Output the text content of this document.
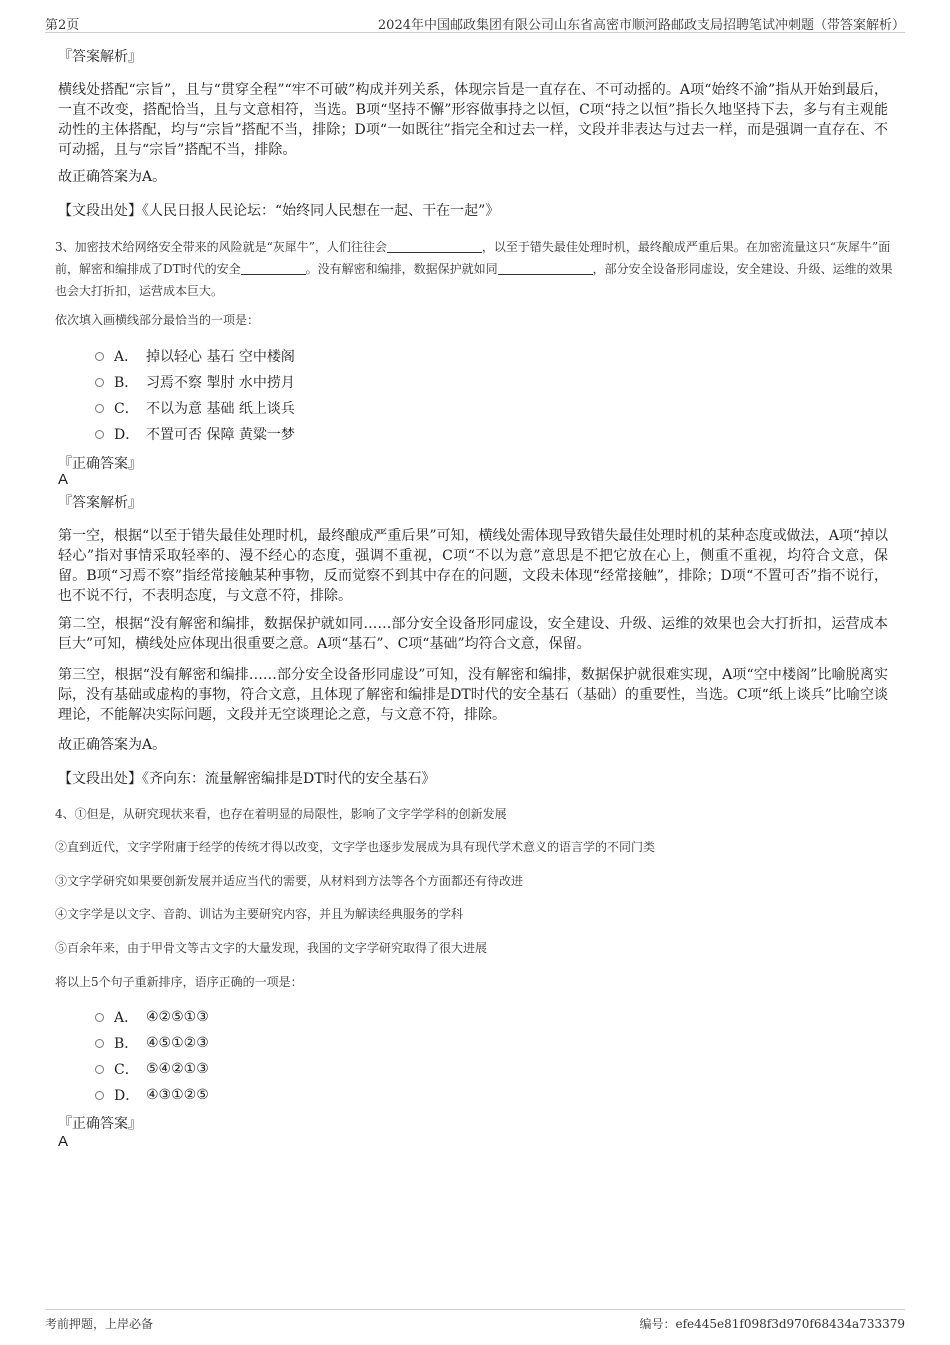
第2页	2024年中国邮政集团有限公司山东省高密市顺河路邮政支局招聘笔试冲刺题（带答案解析）
『答案解析』
横线处搭配“宗旨”，且与“贯穿全程”“牢不可破”构成并列关系，体现宗旨是一直存在、不可动摇的。A项“始终不渝”指从开始到最后，一直不改变，搭配恰当，且与文意相符，当选。B项“坚持不懈”形容做事持之以恒，C项“持之以恒”指长久地坚持下去，多与有主观能动性的主体搭配，均与“宗旨”搭配不当，排除；D项“一如既往”指完全和过去一样，文段并非表达与过去一样，而是强调一直存在、不可动摇，且与“宗旨”搭配不当，排除。
故正确答案为A。
【文段出处】《人民日报人民论坛：“始终同人民想在一起、干在一起”》
3、加密技术给网络安全带来的风险就是“灰犀牛”，人们往往会	，以至于错失最佳处理时机，最终酿成严重后果。在加密流量这只“灰犀牛”面前，解密和编排成了DT时代的安全	。没有解密和编排，数据保护就如同	，部分安全设备形同虚设，安全建设、升级、运维的效果也会大打折扣，运营成本巨大。
依次填入画横线部分最恰当的一项是：
A． 掉以轻心 基石 空中楼阁
B． 习焉不察 掣肘 水中捞月
C． 不以为意 基础 纸上谈兵
D． 不置可否 保障 黄粱一梦
『正确答案』
A
『答案解析』
第一空，根据“以至于错失最佳处理时机，最终酿成严重后果”可知，横线处需体现导致错失最佳处理时机的某种态度或做法，A项“掉以轻心”指对事情采取轻率的、漫不经心的态度，强调不重视，C项“不以为意”意思是不把它放在心上，侧重不重视，均符合文意，保留。B项“习焉不察”指经常接触某种事物，反而觉察不到其中存在的问题，文段未体现“经常接触”，排除；D项“不置可否”指不说行，也不说不行，不表明态度，与文意不符，排除。
第二空，根据“没有解密和编排，数据保护就如同……部分安全设备形同虚设，安全建设、升级、运维的效果也会大打折扣，运营成本巨大”可知，横线处应体现出很重要之意。A项“基石”、C项“基础”均符合文意，保留。
第三空，根据“没有解密和编排……部分安全设备形同虚设”可知，没有解密和编排，数据保护就很难实现，A项“空中楼阁”比喻脱离实际，没有基础或虚构的事物，符合文意，且体现了解密和编排是DT时代的安全基石（基础）的重要性，当选。C项“纸上谈兵”比喻空谈理论，不能解决实际问题，文段并无空谈理论之意，与文意不符，排除。
故正确答案为A。
【文段出处】《齐向东：流量解密编排是DT时代的安全基石》
4、①但是，从研究现状来看，也存在着明显的局限性，影响了文字学学科的创新发展
②直到近代，文字学附庸于经学的传统才得以改变，文字学也逐步发展成为具有现代学术意义的语言学的不同门类
③文字学研究如果要创新发展并适应当代的需要，从材料到方法等各个方面都还有待改进
④文字学是以文字、音韵、训诂为主要研究内容，并且为解读经典服务的学科
⑤百余年来，由于甲骨文等古文字的大量发现，我国的文字学研究取得了很大进展
将以上5个句子重新排序，语序正确的一项是：
A． ④②⑤①③
B． ④⑤①②③
C． ⑤④②①③
D． ④③①②⑤
『正确答案』
A
考前押题，上岸必备	编号：efe445e81f098f3d970f68434a733379
